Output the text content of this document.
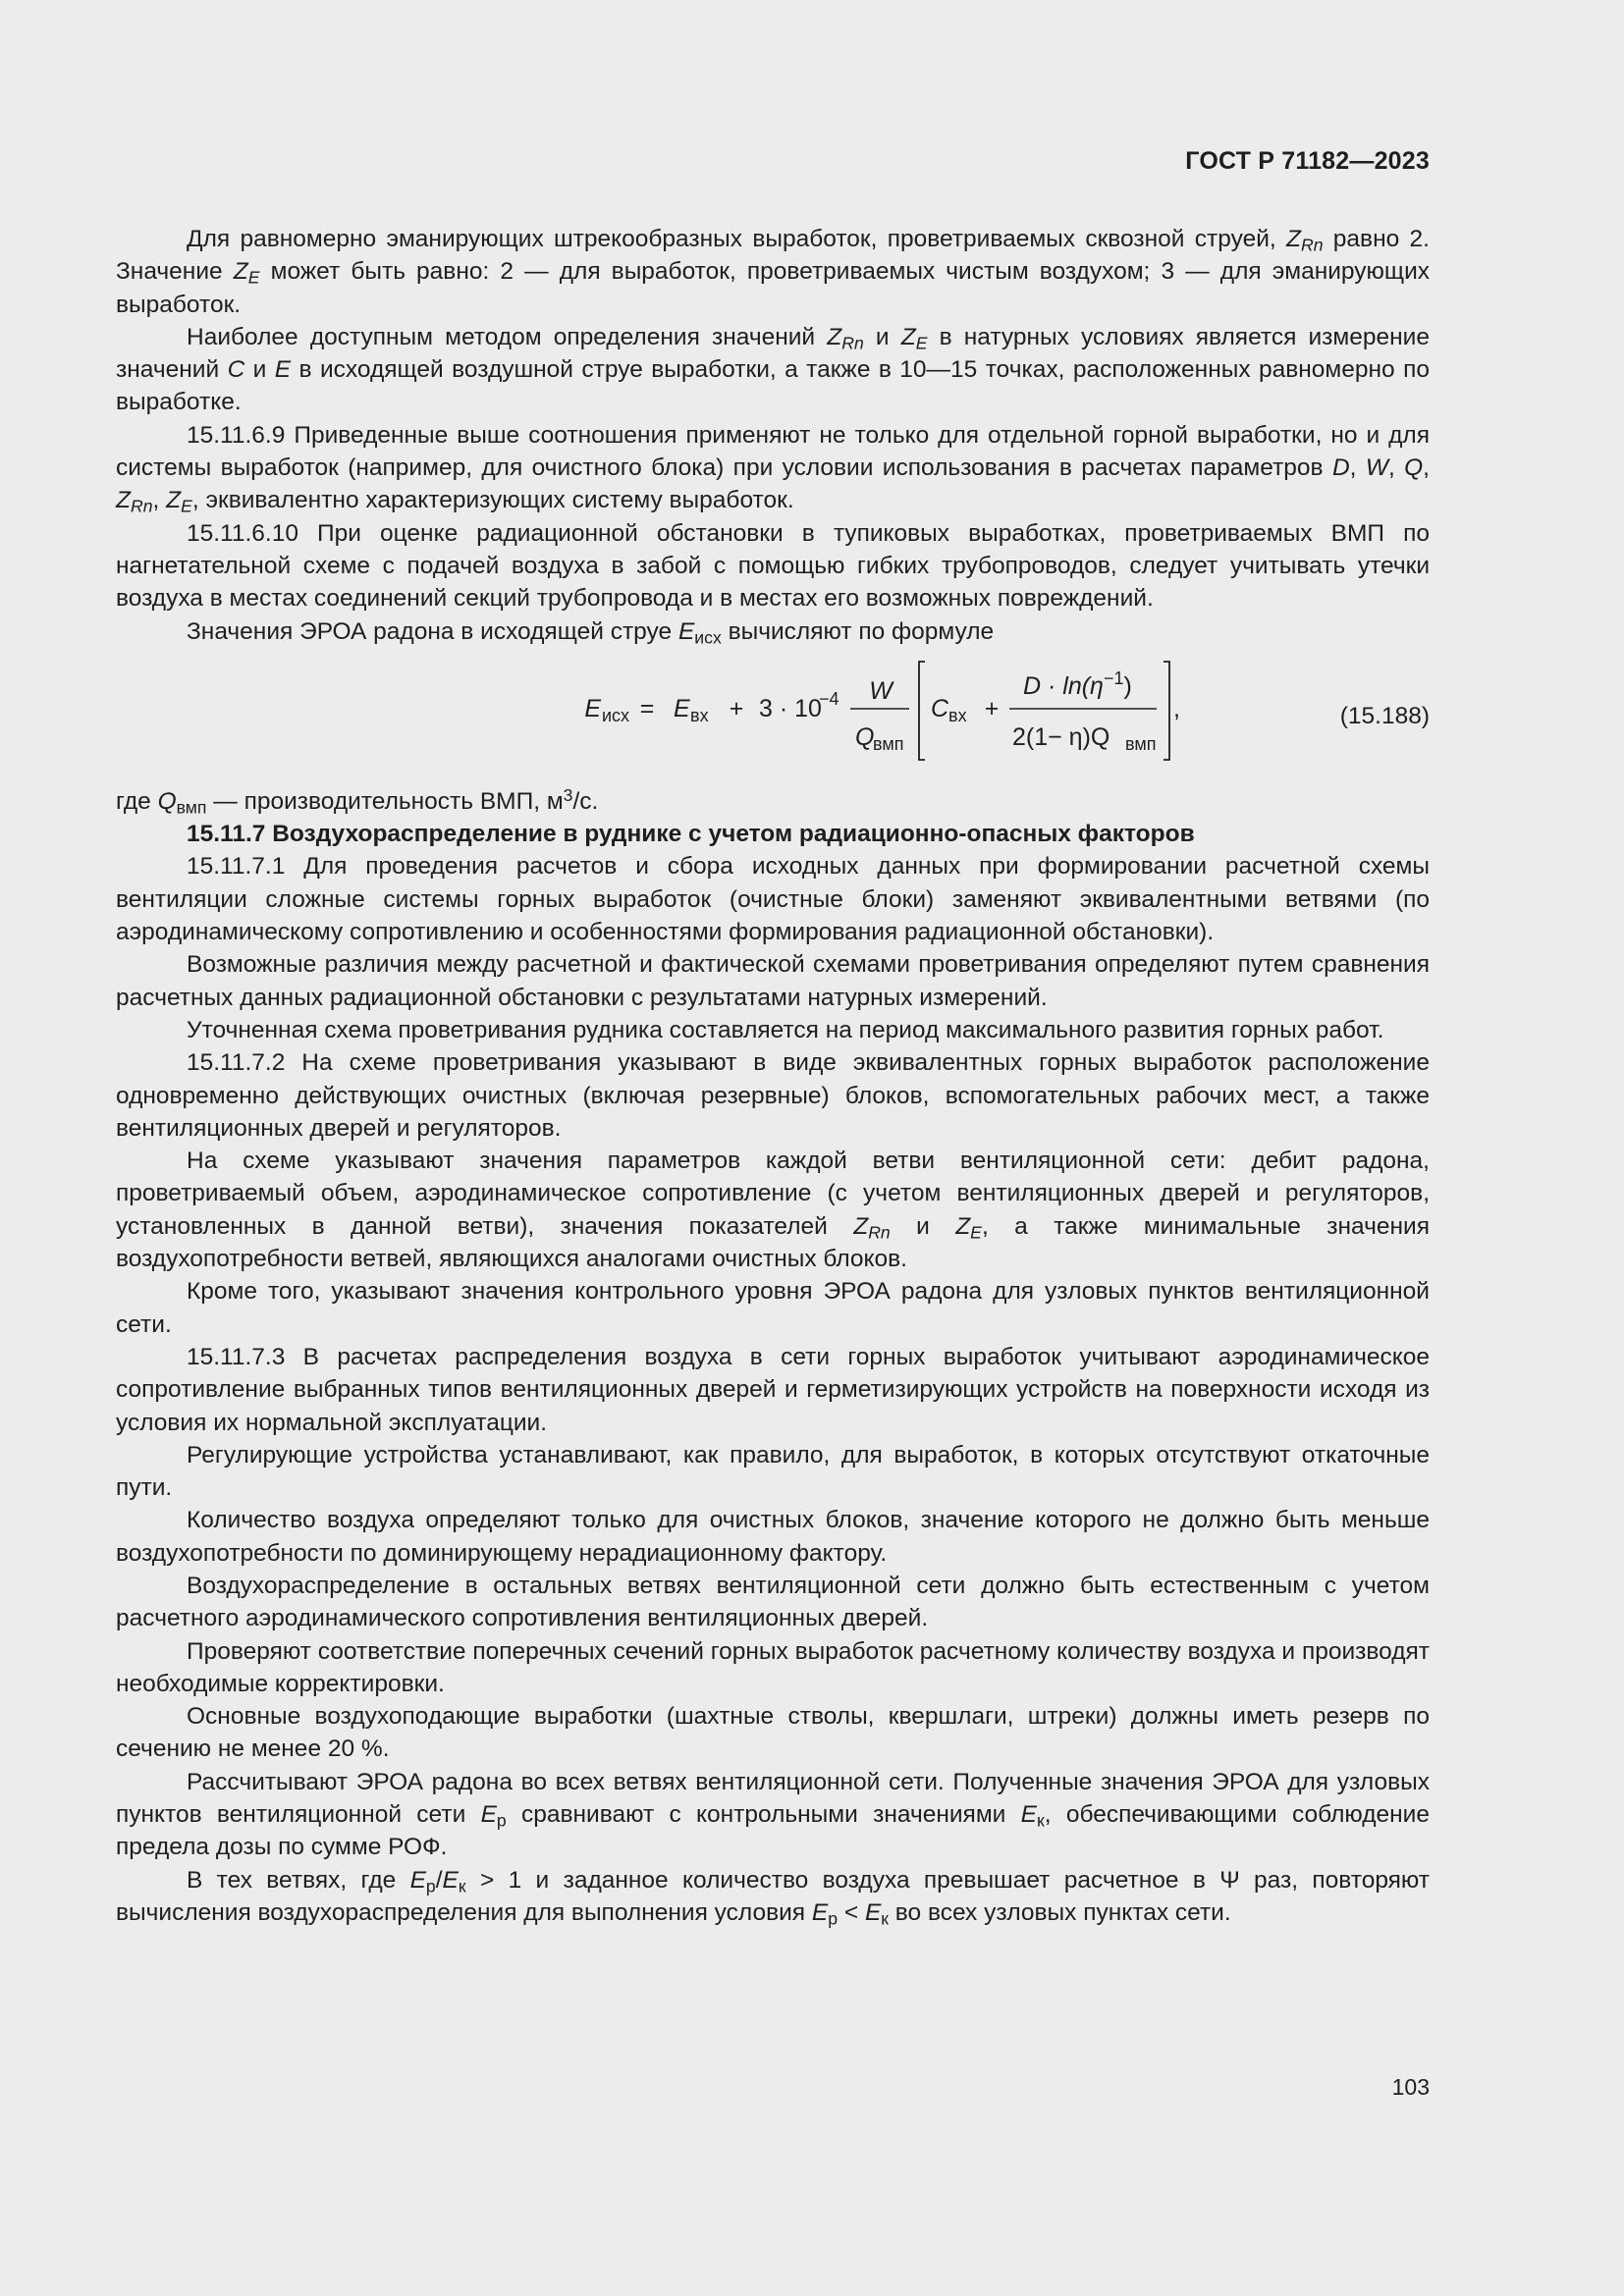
ГОСТ Р 71182—2023

Для равномерно эманирующих штрекообразных выработок, проветриваемых сквозной струей, $Z_{Rn}$ равно 2. Значение $Z_E$ может быть равно: 2 — для выработок, проветриваемых чистым воздухом; 3 — для эманирующих выработок.

Наиболее доступным методом определения значений $Z_{Rn}$ и $Z_E$ в натурных условиях является измерение значений C и E в исходящей воздушной струе выработки, а также в 10—15 точках, расположенных равномерно по выработке.

15.11.6.9 Приведенные выше соотношения применяют не только для отдельной горной выработки, но и для системы выработок (например, для очистного блока) при условии использования в расчетах параметров D, W, Q, $Z_{Rn}$, $Z_E$, эквивалентно характеризующих систему выработок.

15.11.6.10 При оценке радиационной обстановки в тупиковых выработках, проветриваемых ВМП по нагнетательной схеме с подачей воздуха в забой с помощью гибких трубопроводов, следует учитывать утечки воздуха в местах соединений секций трубопровода и в местах его возможных повреждений.

Значения ЭРОА радона в исходящей струе $E_{исх}$ вычисляют по формуле

E исх = E вх + 3 · 10
−4 W
Q
вмп
C вх +
$D \cdot \ln(\eta^{-1})$
2(1− η)Q вмп
,	(15.188)

где $Q_{вмп}$ — производительность ВМП, $м^3/с$.

15.11.7 Воздухораспределение в руднике с учетом радиационно-опасных факторов

15.11.7.1 Для проведения расчетов и сбора исходных данных при формировании расчетной схемы вентиляции сложные системы горных выработок (очистные блоки) заменяют эквивалентными ветвями (по аэродинамическому сопротивлению и особенностями формирования радиационной обстановки).

Возможные различия между расчетной и фактической схемами проветривания определяют путем сравнения расчетных данных радиационной обстановки с результатами натурных измерений.

Уточненная схема проветривания рудника составляется на период максимального развития горных работ.

15.11.7.2 На схеме проветривания указывают в виде эквивалентных горных выработок расположение одновременно действующих очистных (включая резервные) блоков, вспомогательных рабочих мест, а также вентиляционных дверей и регуляторов.

На схеме указывают значения параметров каждой ветви вентиляционной сети: дебит радона, проветриваемый объем, аэродинамическое сопротивление (с учетом вентиляционных дверей и регуляторов, установленных в данной ветви), значения показателей $Z_{Rn}$ и $Z_E$, а также минимальные значения воздухопотребности ветвей, являющихся аналогами очистных блоков.

Кроме того, указывают значения контрольного уровня ЭРОА радона для узловых пунктов вентиляционной сети.

15.11.7.3 В расчетах распределения воздуха в сети горных выработок учитывают аэродинамическое сопротивление выбранных типов вентиляционных дверей и герметизирующих устройств на поверхности исходя из условия их нормальной эксплуатации.

Регулирующие устройства устанавливают, как правило, для выработок, в которых отсутствуют откаточные пути.

Количество воздуха определяют только для очистных блоков, значение которого не должно быть меньше воздухопотребности по доминирующему нерадиационному фактору.

Воздухораспределение в остальных ветвях вентиляционной сети должно быть естественным с учетом расчетного аэродинамического сопротивления вентиляционных дверей.

Проверяют соответствие поперечных сечений горных выработок расчетному количеству воздуха и производят необходимые корректировки.

Основные воздухоподающие выработки (шахтные стволы, квершлаги, штреки) должны иметь резерв по сечению не менее 20 %.

Рассчитывают ЭРОА радона во всех ветвях вентиляционной сети. Полученные значения ЭРОА для узловых пунктов вентиляционной сети $E_р$ сравнивают с контрольными значениями $E_к$, обеспечивающими соблюдение предела дозы по сумме РОФ.

В тех ветвях, где $E_р/E_к > 1$ и заданное количество воздуха превышает расчетное в Ψ раз, повторяют вычисления воздухораспределения для выполнения условия $E_р < E_к$ во всех узловых пунктах сети.

103
